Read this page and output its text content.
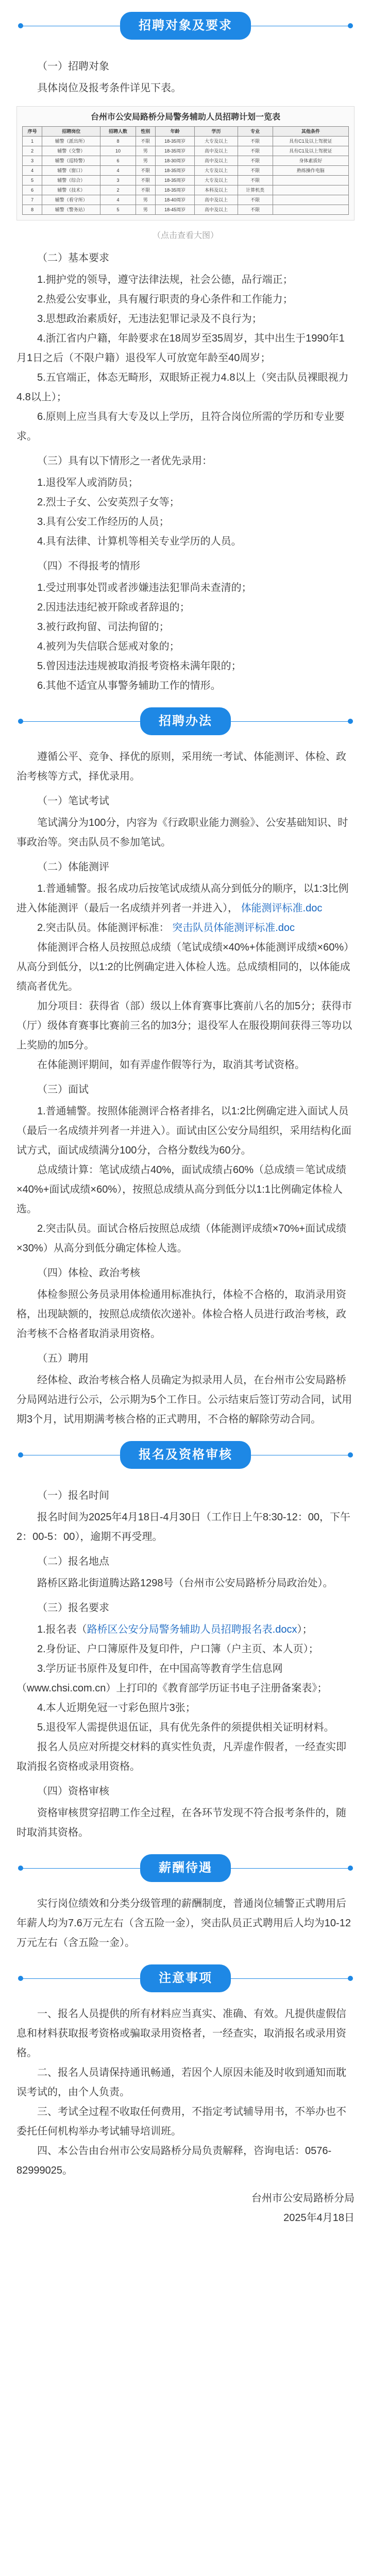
招聘对象及要求

（一）招聘对象

具体岗位及报考条件详见下表。

台州市公安局路桥分局警务辅助人员招聘计划一览表
序号	招聘岗位	招聘人数	性别	年龄	学历	专业	其他条件
1	辅警（派出所）	8	不限	18-35周岁	大专及以上	不限	具有C1及以上驾驶证
2	辅警（交警）	10	男	18-35周岁	高中及以上	不限	具有C1及以上驾驶证
3	辅警（巡特警）	6	男	18-30周岁	高中及以上	不限	身体素质好
4	辅警（窗口）	4	不限	18-35周岁	大专及以上	不限	熟练操作电脑
5	辅警（综合）	3	不限	18-35周岁	大专及以上	不限	
6	辅警（技术）	2	不限	18-35周岁	本科及以上	计算机类	
7	辅警（看守所）	4	男	18-40周岁	高中及以上	不限	
8	辅警（警务站）	5	男	18-45周岁	高中及以上	不限	
（点击查看大图）

（二）基本要求

1.拥护党的领导，遵守法律法规，社会公德，品行端正；

2.热爱公安事业，具有履行职责的身心条件和工作能力；

3.思想政治素质好，无违法犯罪记录及不良行为；

4.浙江省内户籍，年龄要求在18周岁至35周岁，其中出生于1990年1月1日之后（不限户籍）退役军人可放宽年龄至40周岁；

5.五官端正，体态无畸形，双眼矫正视力4.8以上（突击队员裸眼视力4.8以上）；

6.原则上应当具有大专及以上学历，且符合岗位所需的学历和专业要求。

（三）具有以下情形之一者优先录用：

1.退役军人或消防员；

2.烈士子女、公安英烈子女等；

3.具有公安工作经历的人员；

4.具有法律、计算机等相关专业学历的人员。

（四）不得报考的情形

1.受过刑事处罚或者涉嫌违法犯罪尚未查清的；

2.因违法违纪被开除或者辞退的；

3.被行政拘留、司法拘留的；

4.被列为失信联合惩戒对象的；

5.曾因违法违规被取消报考资格未满年限的；

6.其他不适宜从事警务辅助工作的情形。

招聘办法

遵循公平、竞争、择优的原则，采用统一考试、体能测评、体检、政治考核等方式，择优录用。

（一）笔试考试

笔试满分为100分，内容为《行政职业能力测验》、公安基础知识、时事政治等。突击队员不参加笔试。

（二）体能测评

1.普通辅警。报名成功后按笔试成绩从高分到低分的顺序，以1:3比例进入体能测评（最后一名成绩并列者一并进入）， 体能测评标准.doc

2.突击队员。体能测评标准： 突击队员体能测评标准.doc

体能测评合格人员按照总成绩（笔试成绩×40%+体能测评成绩×60%）从高分到低分，以1:2的比例确定进入体检人选。总成绩相同的，以体能成绩高者优先。

加分项目：获得省（部）级以上体育赛事比赛前八名的加5分；获得市（厅）级体育赛事比赛前三名的加3分；退役军人在服役期间获得三等功以上奖励的加5分。

在体能测评期间，如有弄虚作假等行为，取消其考试资格。

（三）面试

1.普通辅警。按照体能测评合格者排名，以1:2比例确定进入面试人员（最后一名成绩并列者一并进入）。面试由区公安分局组织，采用结构化面试方式，面试成绩满分100分，合格分数线为60分。

总成绩计算：笔试成绩占40%，面试成绩占60%（总成绩＝笔试成绩×40%+面试成绩×60%），按照总成绩从高分到低分以1:1比例确定体检人选。

2.突击队员。面试合格后按照总成绩（体能测评成绩×70%+面试成绩×30%）从高分到低分确定体检人选。

（四）体检、政治考核

体检参照公务员录用体检通用标准执行，体检不合格的，取消录用资格，出现缺额的，按照总成绩依次递补。体检合格人员进行政治考核，政治考核不合格者取消录用资格。

（五）聘用

经体检、政治考核合格人员确定为拟录用人员，在台州市公安局路桥分局网站进行公示，公示期为5个工作日。公示结束后签订劳动合同，试用期3个月，试用期满考核合格的正式聘用，不合格的解除劳动合同。

报名及资格审核

（一）报名时间

报名时间为2025年4月18日-4月30日（工作日上午8:30-12：00，下午2：00-5：00），逾期不再受理。

（二）报名地点

路桥区路北街道腾达路1298号（台州市公安局路桥分局政治处）。

（三）报名要求

1.报名表（路桥区公安分局警务辅助人员招聘报名表.docx）；

2.身份证、户口簿原件及复印件，户口簿（户主页、本人页）；

3.学历证书原件及复印件，在中国高等教育学生信息网（www.chsi.com.cn）上打印的《教育部学历证书电子注册备案表》；

4.本人近期免冠一寸彩色照片3张；

5.退役军人需提供退伍证，具有优先条件的须提供相关证明材料。

报名人员应对所提交材料的真实性负责，凡弄虚作假者，一经查实即取消报名资格或录用资格。

（四）资格审核

资格审核贯穿招聘工作全过程，在各环节发现不符合报考条件的，随时取消其资格。

薪酬待遇

实行岗位绩效和分类分级管理的薪酬制度，普通岗位辅警正式聘用后年薪人均为7.6万元左右（含五险一金），突击队员正式聘用后人均为10-12万元左右（含五险一金）。

注意事项

一、报名人员提供的所有材料应当真实、准确、有效。凡提供虚假信息和材料获取报考资格或骗取录用资格者，一经查实，取消报名或录用资格。

二、报名人员请保持通讯畅通，若因个人原因未能及时收到通知而耽误考试的，由个人负责。

三、考试全过程不收取任何费用，不指定考试辅导用书，不举办也不委托任何机构举办考试辅导培训班。

四、本公告由台州市公安局路桥分局负责解释，咨询电话：0576-82999025。

台州市公安局路桥分局
2025年4月18日
